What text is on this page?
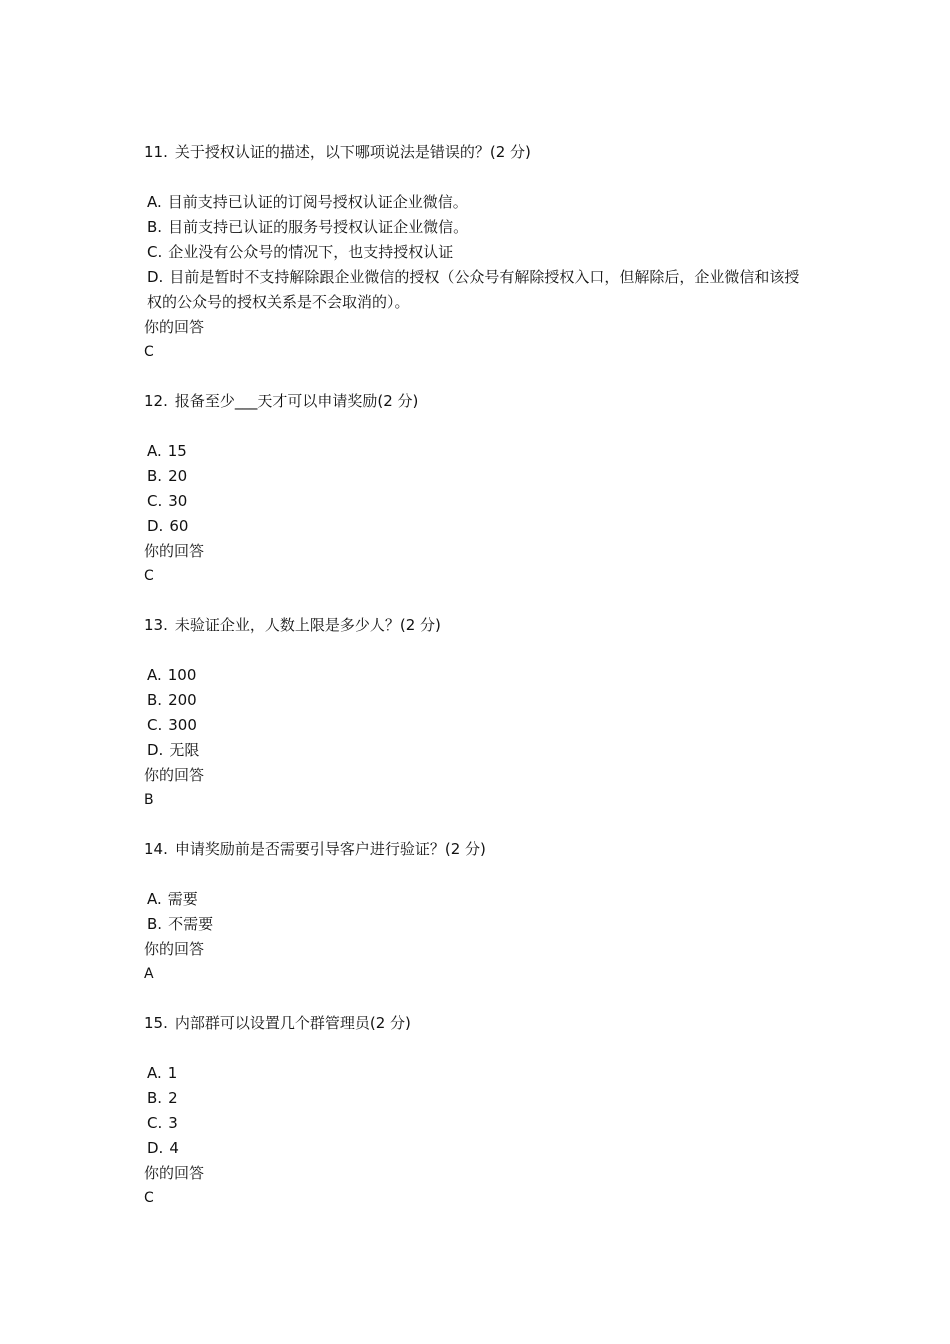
11. 关于授权认证的描述，以下哪项说法是错误的？(2 分)
A. 目前支持已认证的订阅号授权认证企业微信。
B. 目前支持已认证的服务号授权认证企业微信。
C. 企业没有公众号的情况下，也支持授权认证
D. 目前是暂时不支持解除跟企业微信的授权（公众号有解除授权入口，但解除后，企业微信和该授权的公众号的授权关系是不会取消的）。
你的回答
C
12. 报备至少___天才可以申请奖励(2 分)
A. 15
B. 20
C. 30
D. 60
你的回答
C
13. 未验证企业，人数上限是多少人？(2 分)
A. 100
B. 200
C. 300
D. 无限
你的回答
B
14. 申请奖励前是否需要引导客户进行验证？(2 分)
A. 需要
B. 不需要
你的回答
A
15. 内部群可以设置几个群管理员(2 分)
A. 1
B. 2
C. 3
D. 4
你的回答
C
